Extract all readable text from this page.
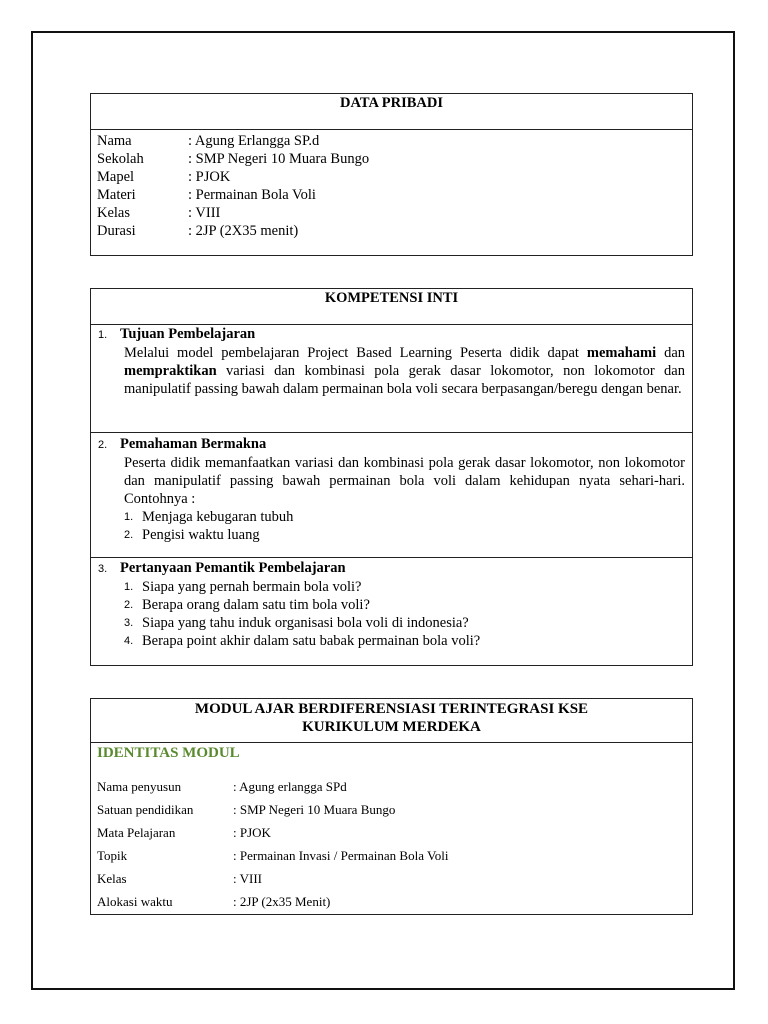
DATA PRIBADI
Nama	: Agung Erlangga SP.d
Sekolah	: SMP Negeri 10 Muara Bungo
Mapel	: PJOK
Materi	: Permainan Bola Voli
Kelas	: VIII
Durasi	: 2JP (2X35 menit)
KOMPETENSI INTI
1. Tujuan Pembelajaran
Melalui model pembelajaran Project Based Learning Peserta didik dapat memahami dan mempraktikan variasi dan kombinasi pola gerak dasar lokomotor, non lokomotor dan manipulatif passing bawah dalam permainan bola voli secara berpasangan/beregu dengan benar.
2. Pemahaman Bermakna
Peserta didik memanfaatkan variasi dan kombinasi pola gerak dasar lokomotor, non lokomotor dan manipulatif passing bawah permainan bola voli dalam kehidupan nyata sehari-hari. Contohnya :
1. Menjaga kebugaran tubuh
2. Pengisi waktu luang
3. Pertanyaan Pemantik Pembelajaran
1. Siapa yang pernah bermain bola voli?
2. Berapa orang dalam satu tim bola voli?
3. Siapa yang tahu induk organisasi bola voli di indonesia?
4. Berapa point akhir dalam satu babak permainan bola voli?
MODUL AJAR BERDIFERENSIASI TERINTEGRASI KSE
KURIKULUM MERDEKA
IDENTITAS MODUL
Nama penyusun	: Agung erlangga SPd
Satuan pendidikan	: SMP Negeri 10 Muara Bungo
Mata Pelajaran	: PJOK
Topik	: Permainan Invasi / Permainan Bola Voli
Kelas	: VIII
Alokasi waktu	: 2JP (2x35 Menit)
